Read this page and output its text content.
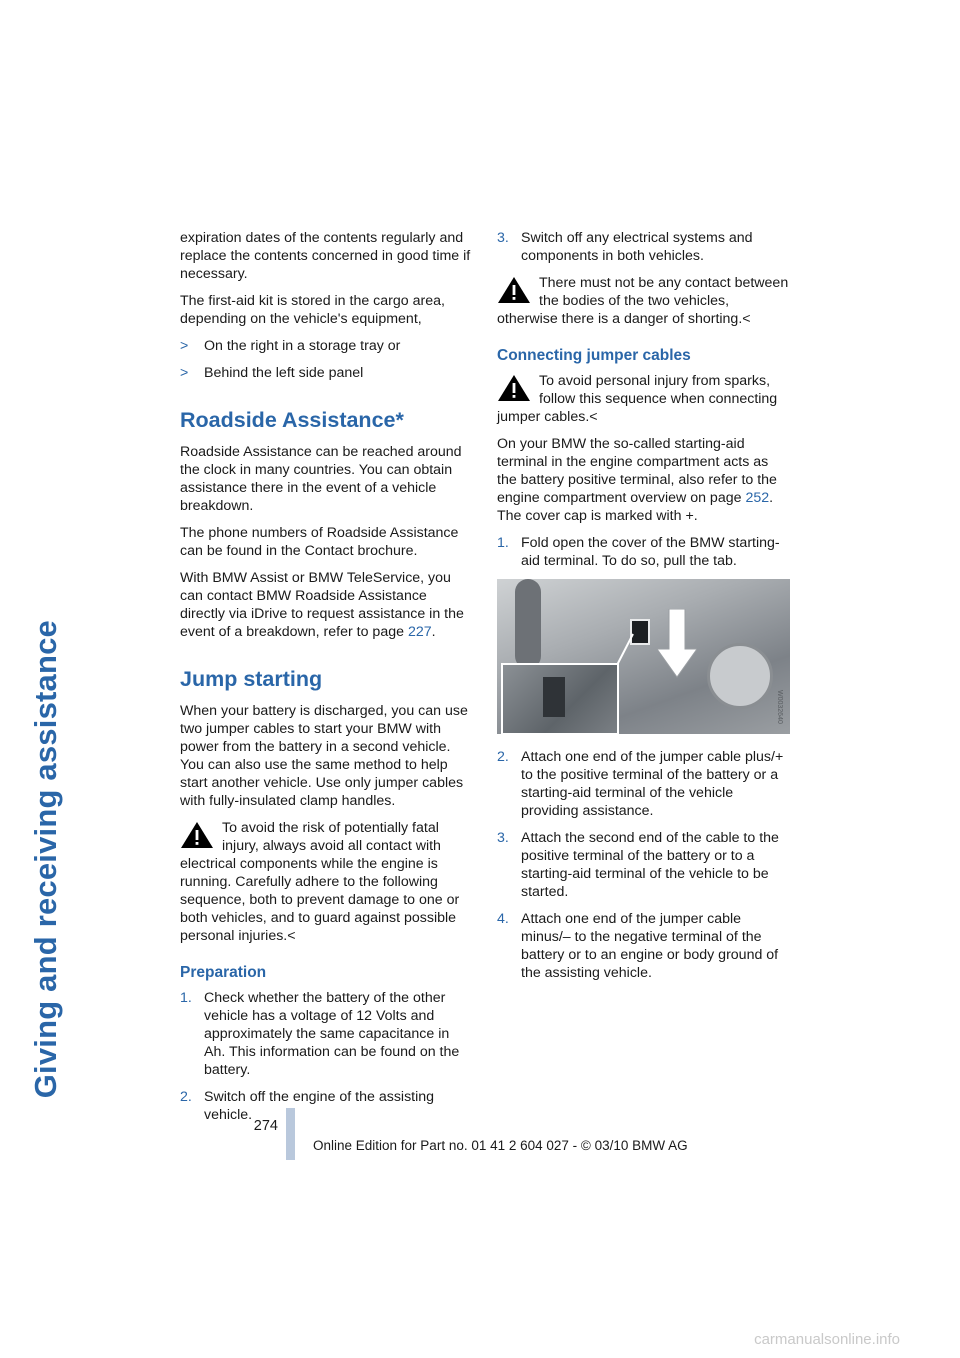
Giving and receiving assistance

expiration dates of the contents regularly and replace the contents concerned in good time if necessary.

The first-aid kit is stored in the cargo area, depending on the vehicle's equipment,

>	On the right in a storage tray or
>	Behind the left side panel
Roadside Assistance*

Roadside Assistance can be reached around the clock in many countries. You can obtain assistance there in the event of a vehicle breakdown.

The phone numbers of Roadside Assistance can be found in the Contact brochure.

With BMW Assist or BMW TeleService, you can contact BMW Roadside Assistance directly via iDrive to request assistance in the event of a breakdown, refer to page 227.

Jump starting

When your battery is discharged, you can use two jumper cables to start your BMW with power from the battery in a second vehicle. You can also use the same method to help start another vehicle. Use only jumper cables with fully-insulated clamp handles.

To avoid the risk of potentially fatal injury, always avoid all contact with electrical components while the engine is running. Carefully adhere to the following sequence, both to prevent damage to one or both vehicles, and to guard against possible personal injuries.<
Preparation
1. Check whether the battery of the other vehicle has a voltage of 12 Volts and approximately the same capacitance in Ah. This information can be found on the battery.
2. Switch off the engine of the assisting vehicle.
3. Switch off any electrical systems and components in both vehicles.
There must not be any contact between the bodies of the two vehicles, otherwise there is a danger of shorting.<
Connecting jumper cables
To avoid personal injury from sparks, follow this sequence when connecting jumper cables.<

On your BMW the so-called starting-aid terminal in the engine compartment acts as the battery positive terminal, also refer to the engine compartment overview on page 252. The cover cap is marked with +.

1. Fold open the cover of the BMW starting-aid terminal. To do so, pull the tab.
W0032640
2. Attach one end of the jumper cable plus/+ to the positive terminal of the battery or a starting-aid terminal of the vehicle providing assistance.
3. Attach the second end of the cable to the positive terminal of the battery or to a starting-aid terminal of the vehicle to be started.
4. Attach one end of the jumper cable minus/– to the negative terminal of the battery or to an engine or body ground of the assisting vehicle.
274
Online Edition for Part no. 01 41 2 604 027 - © 03/10 BMW AG
carmanualsonline.info
